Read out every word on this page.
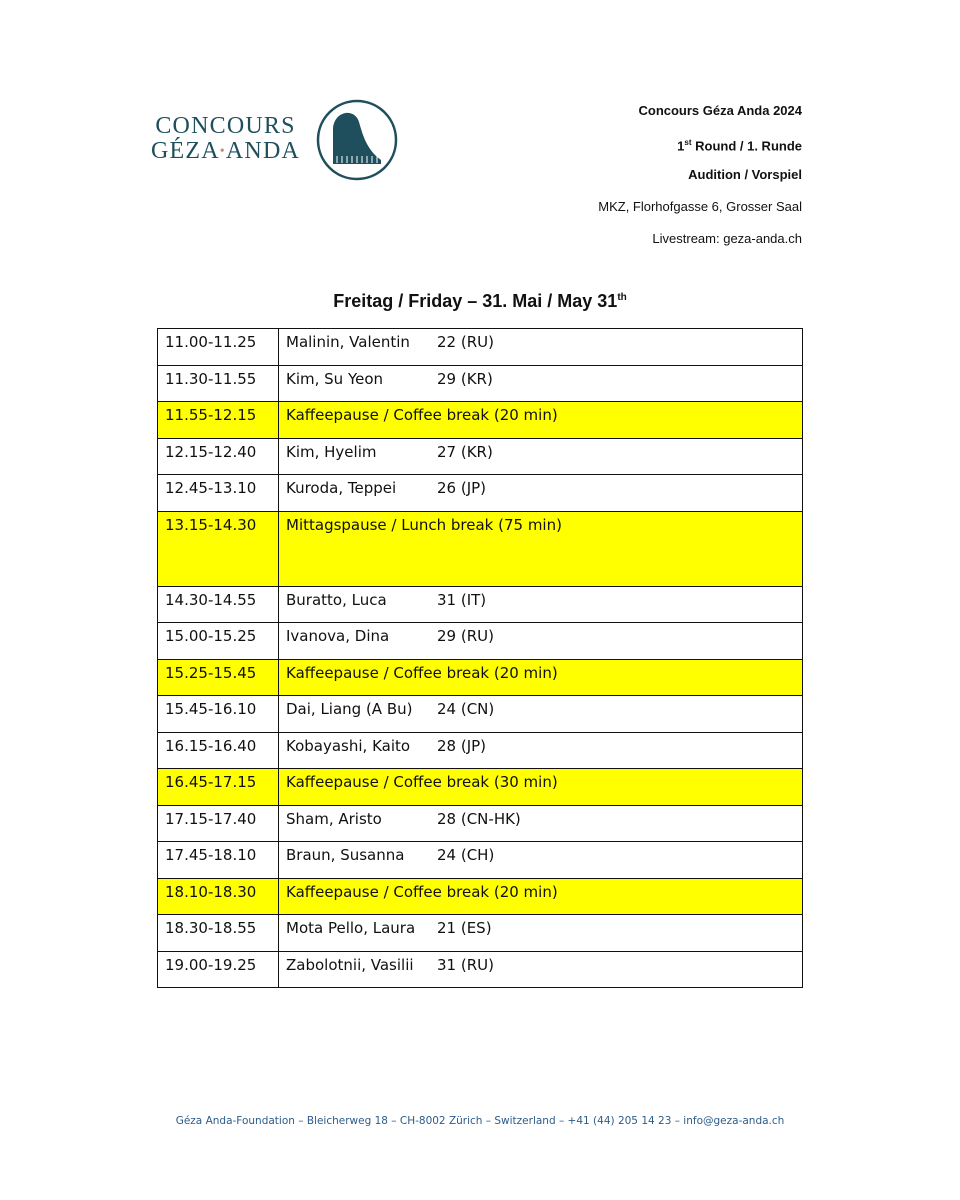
CONCOURS
GÉZA•ANDA
Concours Géza Anda 2024
1st Round / 1. Runde
Audition / Vorspiel
MKZ, Florhofgasse 6, Grosser Saal
Livestream: geza-anda.ch
Freitag / Friday – 31. Mai / May 31th
11.00-11.25	Malinin, Valentin 22 (RU)
11.30-11.55	Kim, Su Yeon 29 (KR)
11.55-12.15	Kaffeepause / Coffee break (20 min)
12.15-12.40	Kim, Hyelim 27 (KR)
12.45-13.10	Kuroda, Teppei 26 (JP)
13.15-14.30	Mittagspause / Lunch break (75 min)
14.30-14.55	Buratto, Luca 31 (IT)
15.00-15.25	Ivanova, Dina 29 (RU)
15.25-15.45	Kaffeepause / Coffee break (20 min)
15.45-16.10	Dai, Liang (A Bu) 24 (CN)
16.15-16.40	Kobayashi, Kaito 28 (JP)
16.45-17.15	Kaffeepause / Coffee break (30 min)
17.15-17.40	Sham, Aristo 28 (CN-HK)
17.45-18.10	Braun, Susanna 24 (CH)
18.10-18.30	Kaffeepause / Coffee break (20 min)
18.30-18.55	Mota Pello, Laura 21 (ES)
19.00-19.25	Zabolotnii, Vasilii 31 (RU)
Géza Anda-Foundation – Bleicherweg 18 – CH-8002 Zürich – Switzerland – +41 (44) 205 14 23 – info@geza-anda.ch
